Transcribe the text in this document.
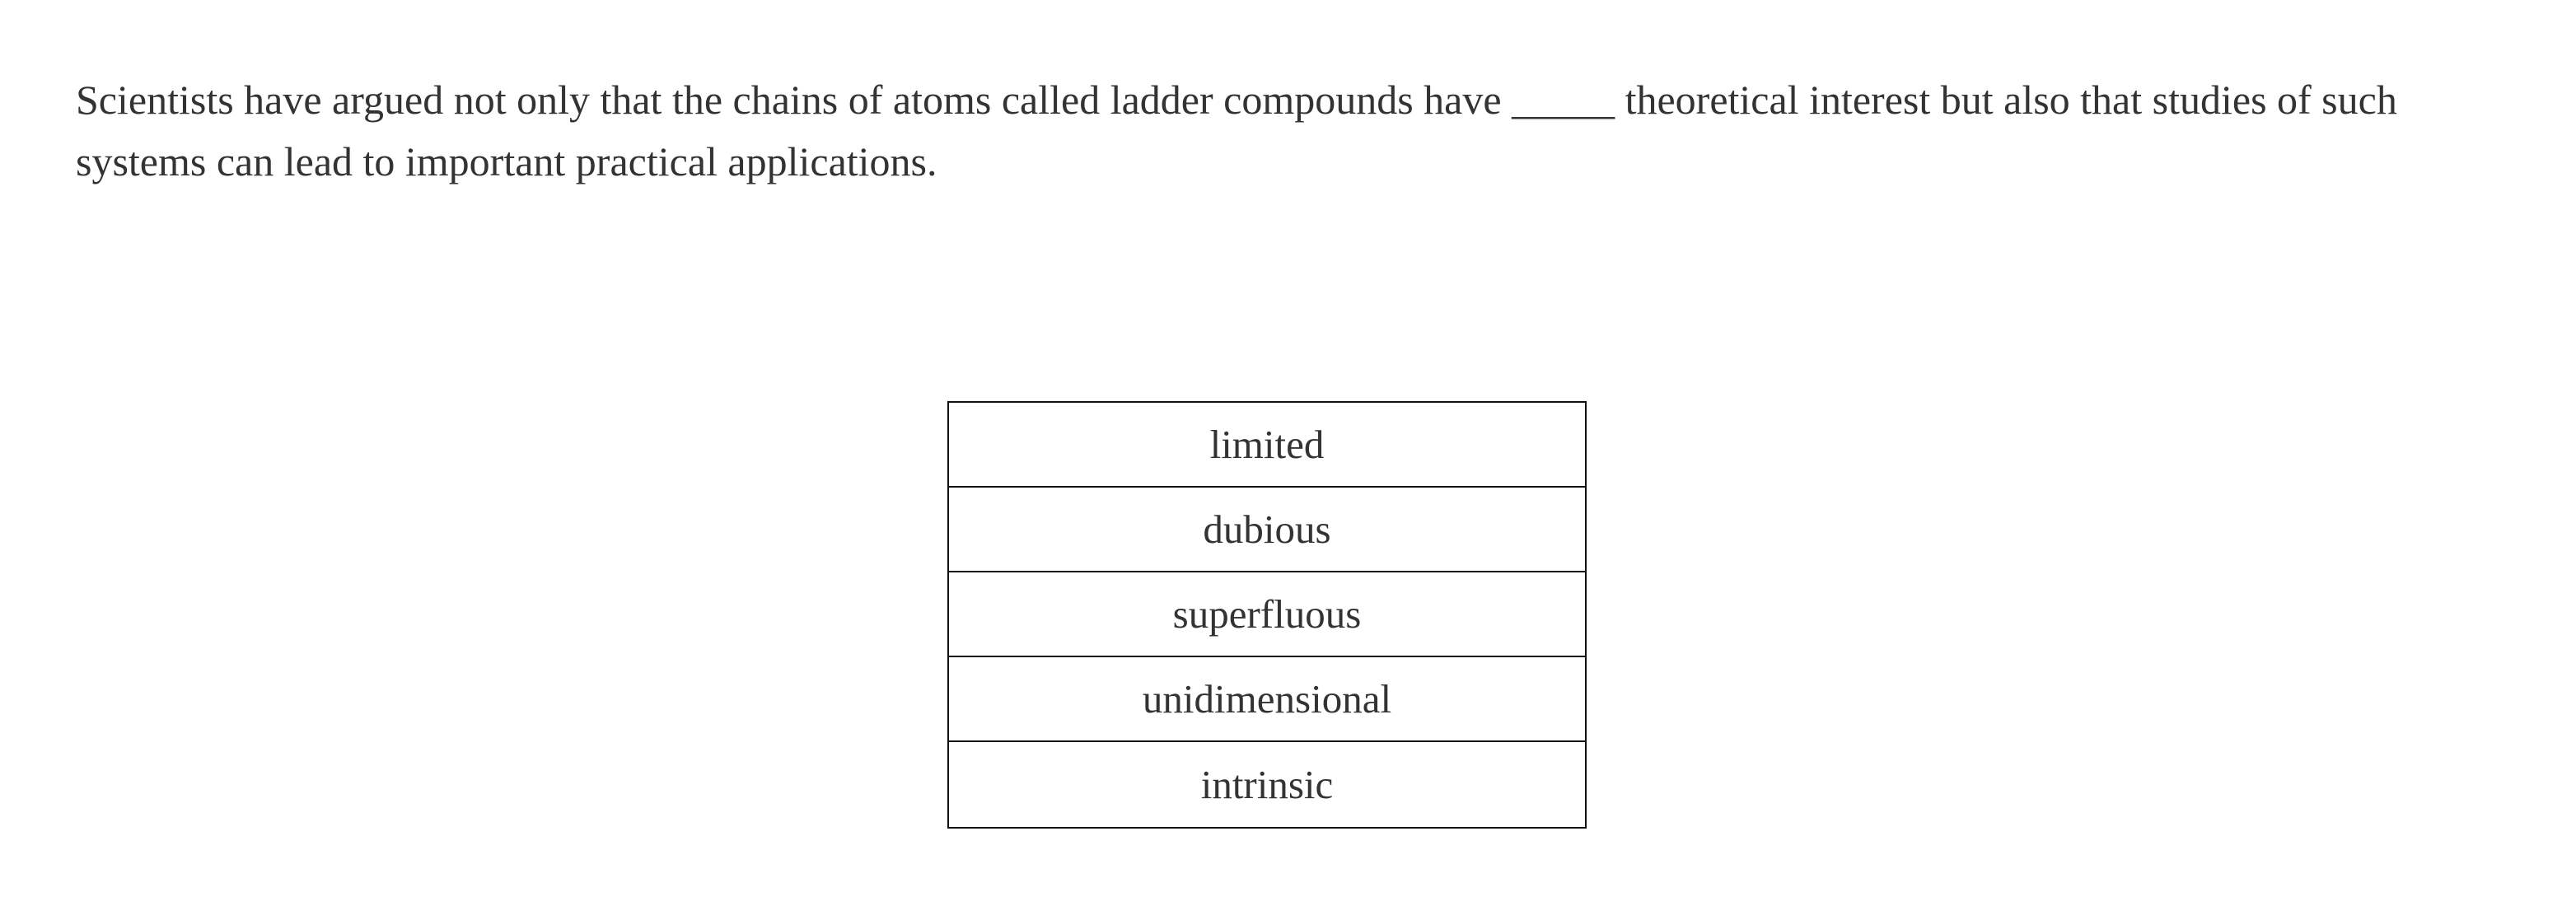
Scientists have argued not only that the chains of atoms called ladder compounds have _____ theoretical interest but also that studies of such systems can lead to important practical applications.

limited
dubious
superfluous
unidimensional
intrinsic
